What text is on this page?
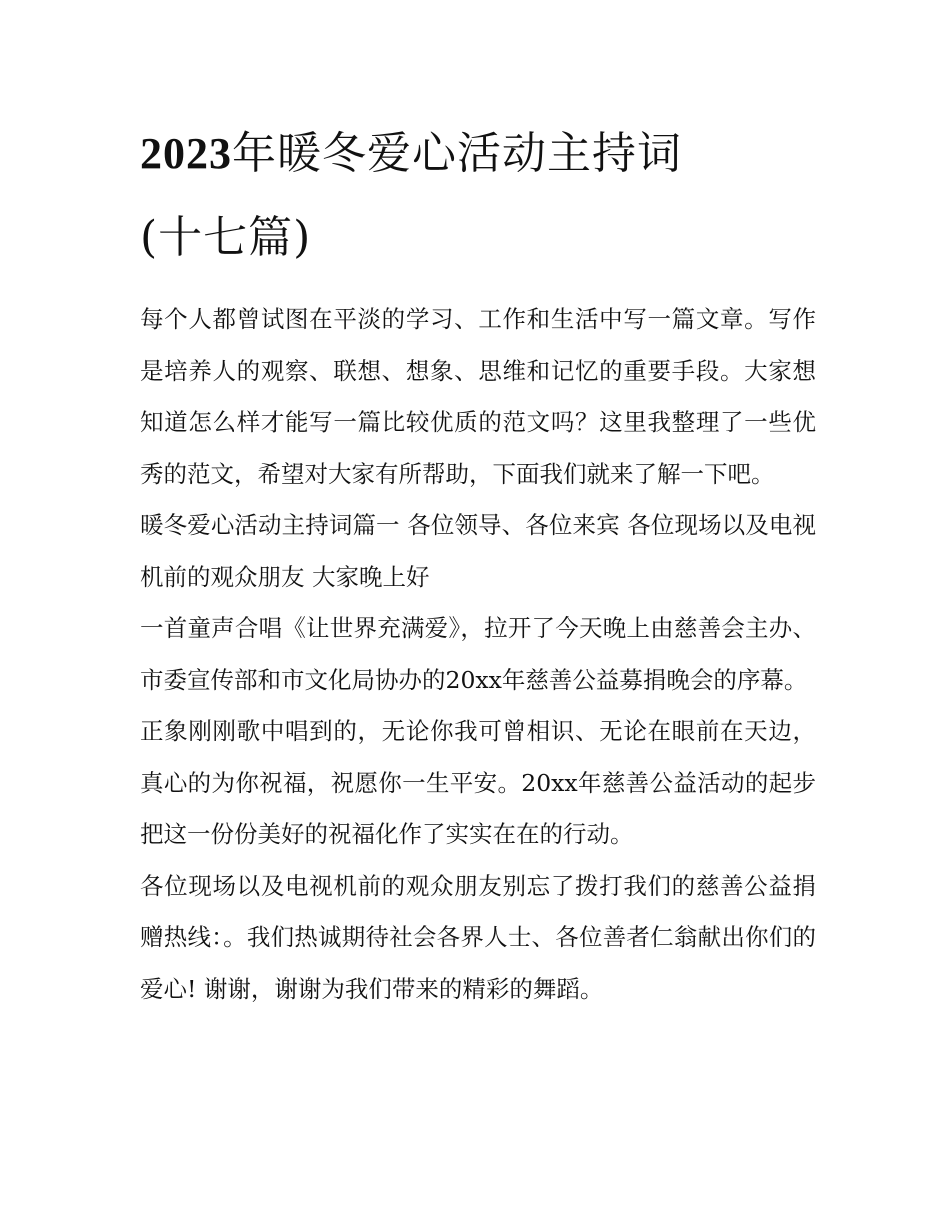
2023年暖冬爱心活动主持词
(十七篇)

每个人都曾试图在平淡的学习、工作和生活中写一篇文章。写作是培养人的观察、联想、想象、思维和记忆的重要手段。大家想知道怎么样才能写一篇比较优质的范文吗？这里我整理了一些优秀的范文，希望对大家有所帮助，下面我们就来了解一下吧。

暖冬爱心活动主持词篇一 各位领导、各位来宾 各位现场以及电视机前的观众朋友 大家晚上好

一首童声合唱《让世界充满爱》，拉开了今天晚上由慈善会主办、市委宣传部和市文化局协办的20xx年慈善公益募捐晚会的序幕。

正象刚刚歌中唱到的，无论你我可曾相识、无论在眼前在天边，真心的为你祝福，祝愿你一生平安。20xx年慈善公益活动的起步把这一份份美好的祝福化作了实实在在的行动。

各位现场以及电视机前的观众朋友别忘了拨打我们的慈善公益捐赠热线：。我们热诚期待社会各界人士、各位善者仁翁献出你们的爱心! 谢谢，谢谢为我们带来的精彩的舞蹈。
